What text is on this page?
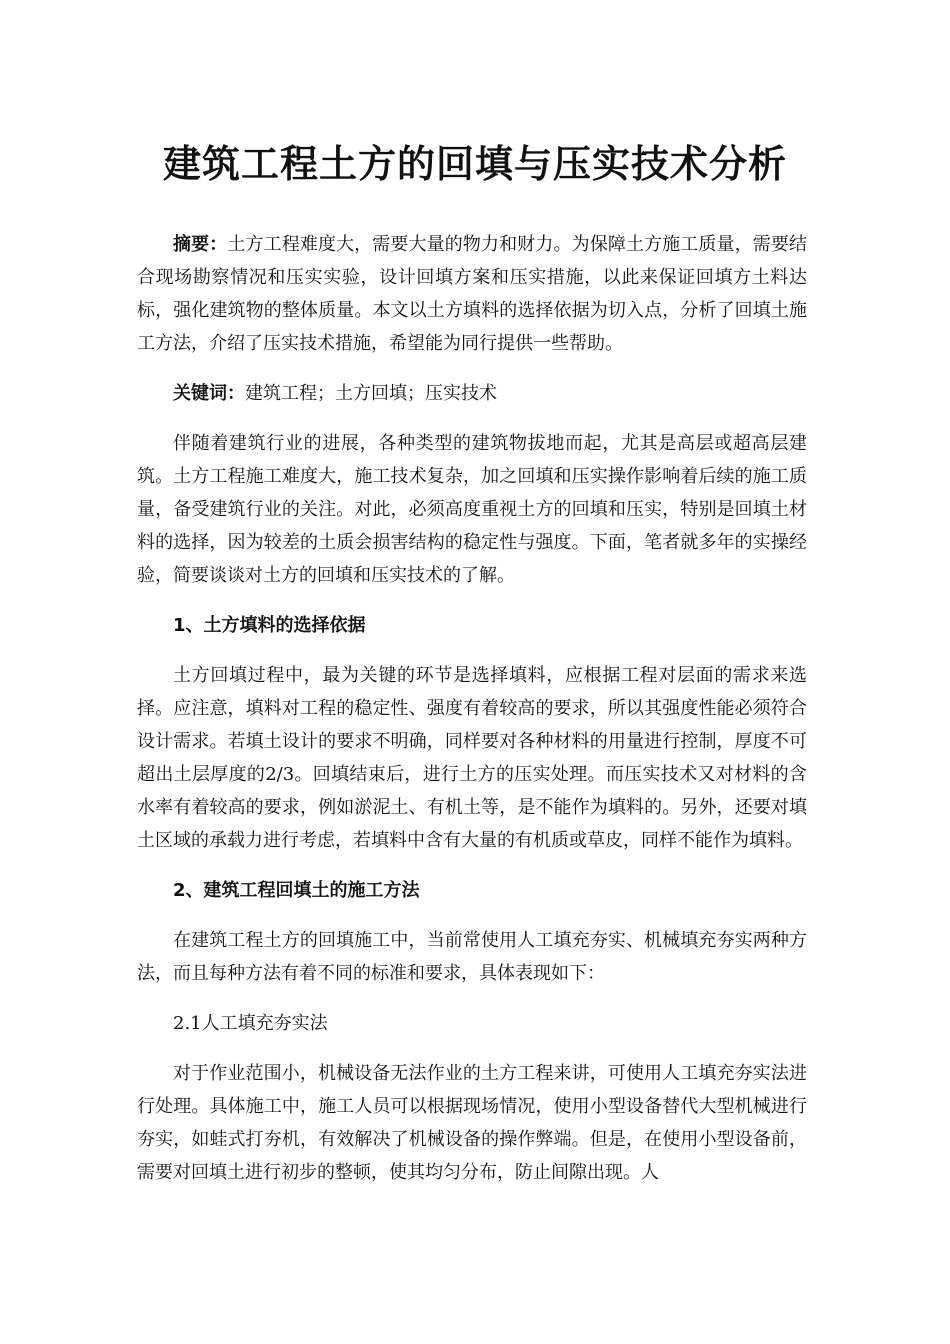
建筑工程土方的回填与压实技术分析

摘要：土方工程难度大，需要大量的物力和财力。为保障土方施工质量，需要结合现场勘察情况和压实实验，设计回填方案和压实措施，以此来保证回填方土料达标，强化建筑物的整体质量。本文以土方填料的选择依据为切入点，分析了回填土施工方法，介绍了压实技术措施，希望能为同行提供一些帮助。

关键词：建筑工程；土方回填；压实技术

伴随着建筑行业的进展，各种类型的建筑物拔地而起，尤其是高层或超高层建筑。土方工程施工难度大，施工技术复杂，加之回填和压实操作影响着后续的施工质量，备受建筑行业的关注。对此，必须高度重视土方的回填和压实，特别是回填土材料的选择，因为较差的土质会损害结构的稳定性与强度。下面，笔者就多年的实操经验，简要谈谈对土方的回填和压实技术的了解。

1、土方填料的选择依据

土方回填过程中，最为关键的环节是选择填料，应根据工程对层面的需求来选择。应注意，填料对工程的稳定性、强度有着较高的要求，所以其强度性能必须符合设计需求。若填土设计的要求不明确，同样要对各种材料的用量进行控制，厚度不可超出土层厚度的2/3。回填结束后，进行土方的压实处理。而压实技术又对材料的含水率有着较高的要求，例如淤泥土、有机土等，是不能作为填料的。另外，还要对填土区域的承载力进行考虑，若填料中含有大量的有机质或草皮，同样不能作为填料。

2、建筑工程回填土的施工方法

在建筑工程土方的回填施工中，当前常使用人工填充夯实、机械填充夯实两种方法，而且每种方法有着不同的标准和要求，具体表现如下：

2.1人工填充夯实法

对于作业范围小，机械设备无法作业的土方工程来讲，可使用人工填充夯实法进行处理。具体施工中，施工人员可以根据现场情况，使用小型设备替代大型机械进行夯实，如蛙式打夯机，有效解决了机械设备的操作弊端。但是，在使用小型设备前，需要对回填土进行初步的整顿，使其均匀分布，防止间隙出现。人
